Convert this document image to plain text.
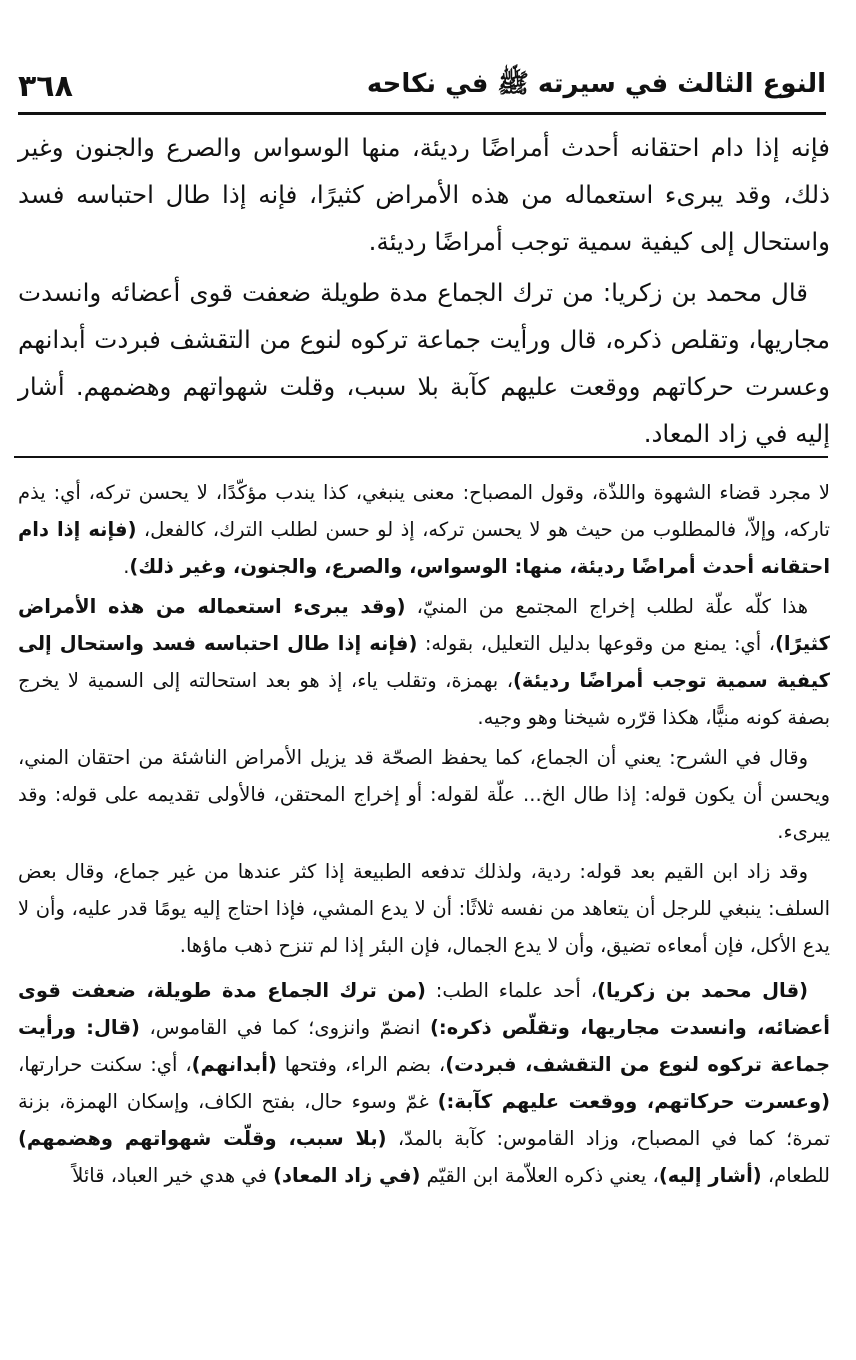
النوع الثالث في سيرته ﷺ في نكاحه
٣٦٨

فإنه إذا دام احتقانه أحدث أمراضًا رديئة، منها الوسواس والصرع والجنون وغير ذلك، وقد يبرىء استعماله من هذه الأمراض كثيرًا، فإنه إذا طال احتباسه فسد واستحال إلى كيفية سمية توجب أمراضًا رديئة.

قال محمد بن زكريا: من ترك الجماع مدة طويلة ضعفت قوى أعضائه وانسدت مجاريها، وتقلص ذكره، قال ورأيت جماعة تركوه لنوع من التقشف فبردت أبدانهم وعسرت حركاتهم ووقعت عليهم كآبة بلا سبب، وقلت شهواتهم وهضمهم. أشار إليه في زاد المعاد.

لا مجرد قضاء الشهوة واللذّة، وقول المصباح: معنى ينبغي، كذا يندب مؤكّدًا، لا يحسن تركه، أي: يذم تاركه، وإلاّ، فالمطلوب من حيث هو لا يحسن تركه، إذ لو حسن لطلب الترك، كالفعل، (فإنه إذا دام احتقانه أحدث أمراضًا رديئة، منها: الوسواس، والصرع، والجنون، وغير ذلك).

هذا كلّه علّة لطلب إخراج المجتمع من المنيّ، (وقد يبرىء استعماله من هذه الأمراض كثيرًا)، أي: يمنع من وقوعها بدليل التعليل، بقوله: (فإنه إذا طال احتباسه فسد واستحال إلى كيفية سمية توجب أمراضًا رديئة)، بهمزة، وتقلب ياء، إذ هو بعد استحالته إلى السمية لا يخرج بصفة كونه منيًّا، هكذا قرّره شيخنا وهو وجيه.

وقال في الشرح: يعني أن الجماع، كما يحفظ الصحّة قد يزيل الأمراض الناشئة من احتقان المني، ويحسن أن يكون قوله: إذا طال الخ... علّة لقوله: أو إخراج المحتقن، فالأولى تقديمه على قوله: وقد يبرىء.

وقد زاد ابن القيم بعد قوله: ردية، ولذلك تدفعه الطبيعة إذا كثر عندها من غير جماع، وقال بعض السلف: ينبغي للرجل أن يتعاهد من نفسه ثلاثًا: أن لا يدع المشي، فإذا احتاج إليه يومًا قدر عليه، وأن لا يدع الأكل، فإن أمعاءه تضيق، وأن لا يدع الجمال، فإن البئر إذا لم تنزح ذهب ماؤها.

(قال محمد بن زكريا)، أحد علماء الطب: (من ترك الجماع مدة طويلة، ضعفت قوى أعضائه، وانسدت مجاريها، وتقلّص ذكره:) انضمّ وانزوى؛ كما في القاموس، (قال: ورأيت جماعة تركوه لنوع من التقشف، فبردت)، بضم الراء، وفتحها (أبدانهم)، أي: سكنت حرارتها، (وعسرت حركاتهم، ووقعت عليهم كآبة:) غمّ وسوء حال، بفتح الكاف، وإسكان الهمزة، بزنة تمرة؛ كما في المصباح، وزاد القاموس: كآبة بالمدّ، (بلا سبب، وقلّت شهواتهم وهضمهم) للطعام، (أشار إليه)، يعني ذكره العلاّمة ابن القيّم (في زاد المعاد) في هدي خير العباد، قائلاً
